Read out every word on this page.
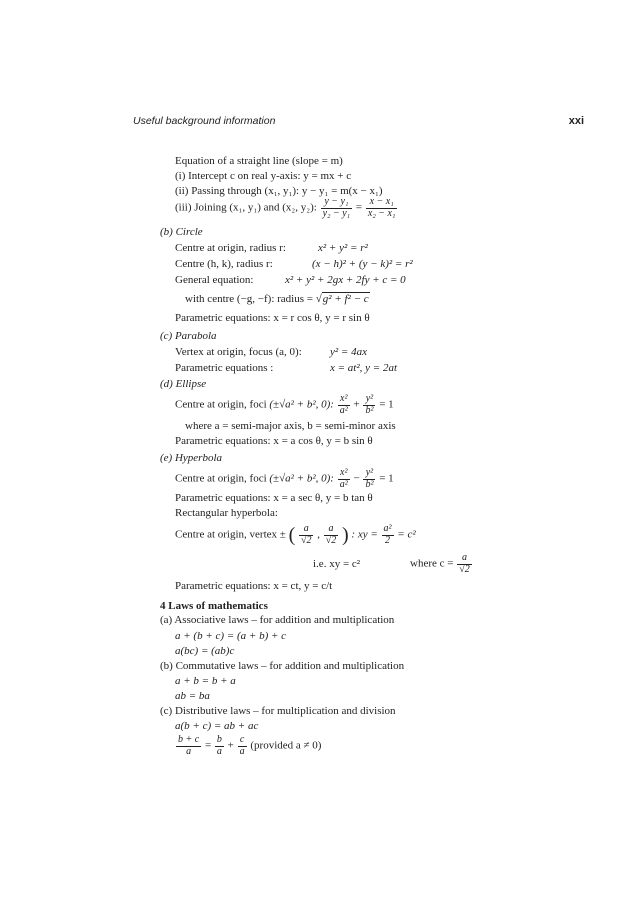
Useful background information	xxi
Equation of a straight line (slope = m)
(i) Intercept c on real y-axis: y = mx + c
(ii) Passing through (x₁, y₁): y − y₁ = m(x − x₁)
(iii) Joining (x₁, y₁) and (x₂, y₂): $\frac{\text{y − y₁}}{\text{y₂ − y₁}} = \frac{\text{x − x₁}}{\text{x₂ − x₁}}$
(b) Circle
Centre at origin, radius r:	x² + y² = r²
Centre (h, k), radius r:	(x − h)² + (y − k)² = r²
General equation:	x² + y² + 2gx + 2fy + c = 0
with centre (−g, −f): radius = √g² + f² − c
Parametric equations: x = r cos θ, y = r sin θ
(c) Parabola
Vertex at origin, focus (a, 0):	y² = 4ax
Parametric equations :	x = at², y = 2at
(d) Ellipse
Centre at origin, foci (±√a² + b², 0): $\frac{\text{x²}}{\text{a²}} + \frac{\text{y²}}{\text{b²}} = 1$
where a = semi-major axis, b = semi-minor axis
Parametric equations: x = a cos θ, y = b sin θ
(e) Hyperbola
Centre at origin, foci (±√a² + b², 0): $\frac{\text{x²}}{\text{a²}} - \frac{\text{y²}}{\text{b²}} = 1$
Parametric equations: x = a sec θ, y = b tan θ
Rectangular hyperbola:
Centre at origin, vertex ± ( $\frac{a}{√2}$ , $\frac{a}{√2}$ ) : xy = $\frac{\text{a²}}{2} = c^2$
i.e. xy = c²	where $c = \frac{a}{√2}$
Parametric equations: x = ct, y = c/t
4 Laws of mathematics
(a) Associative laws – for addition and multiplication
a + (b + c) = (a + b) + c
a(bc) = (ab)c
(b) Commutative laws – for addition and multiplication
a + b = b + a
ab = ba
(c) Distributive laws – for multiplication and division
a(b + c) = ab + ac
$\frac{b + c}{a} = \frac{b}{a} + \frac{c}{a}$ (provided a ≠ 0)
